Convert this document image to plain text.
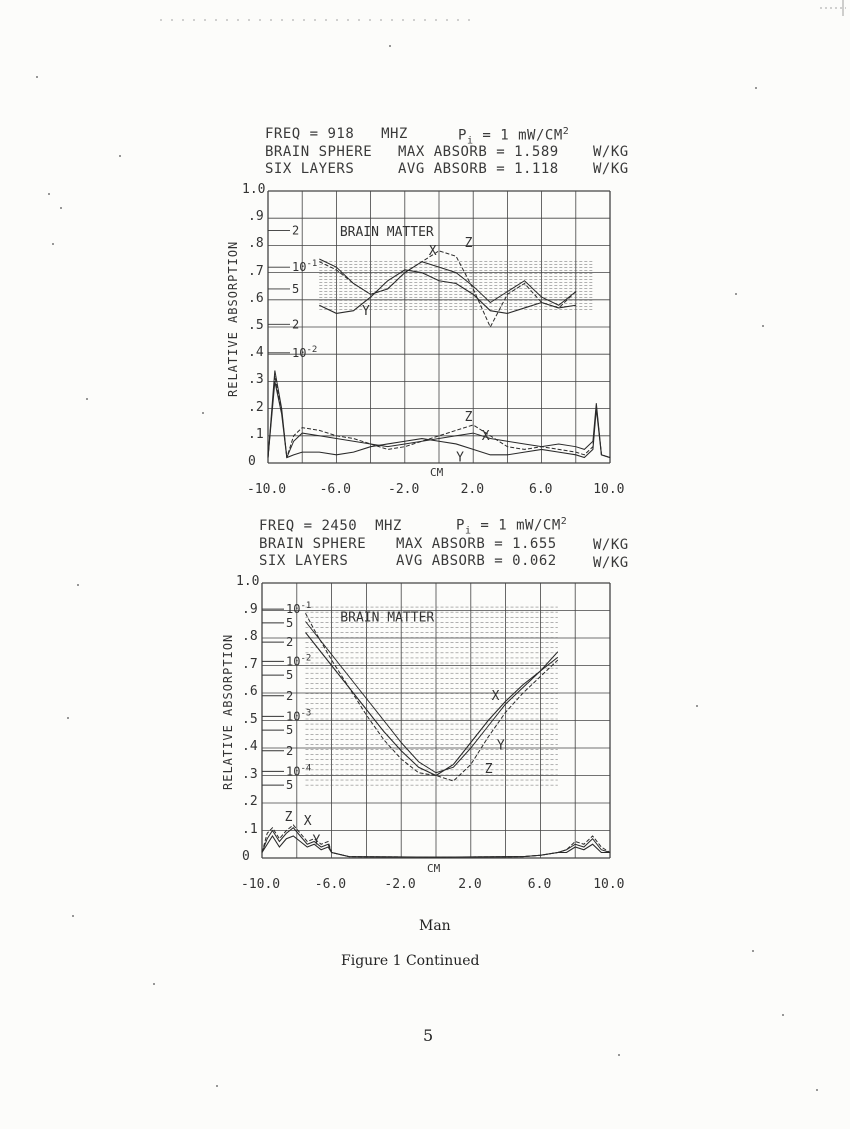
FREQ = 918   MHZ	$P_i = 1$ $mW/CM^2$
BRAIN SPHERE MAX ABSORB = 1.589 W/KG
SIX LAYERS	AVG ABSORB = 1.118 W/KG
RELATIVE ABSORPTION
CM
0
.1
.2
.3
.4
.5
.6
.7
.8
.9
1.0
-10.0	-6.0	-2.0	2.0	6.0	10.0
FREQ = 2450  MHZ	$P_i = 1$ $mW/CM^2$
BRAIN SPHERE MAX ABSORB = 1.655	W/KG
SIX LAYERS	AVG ABSORB = 0.062	W/KG
RELATIVE ABSORPTION
CM
0
.1
.2
.3
.4
.5
.6
.7
.8
.9
1.0
-10.0	-6.0	-2.0	2.0	6.0	10.0
2
$10^{-1}$
5
2
$10^{-2}$
BRAIN MATTER
X
Z
Y
Z
X
Y
$10^{-1}$
5
2
$10^{-2}$
5
2
$10^{-3}$
5
2
$10^{-4}$
5
BRAIN MATTER
X
Y
Z
Z X
Y
Man
Figure 1 Continued
5
